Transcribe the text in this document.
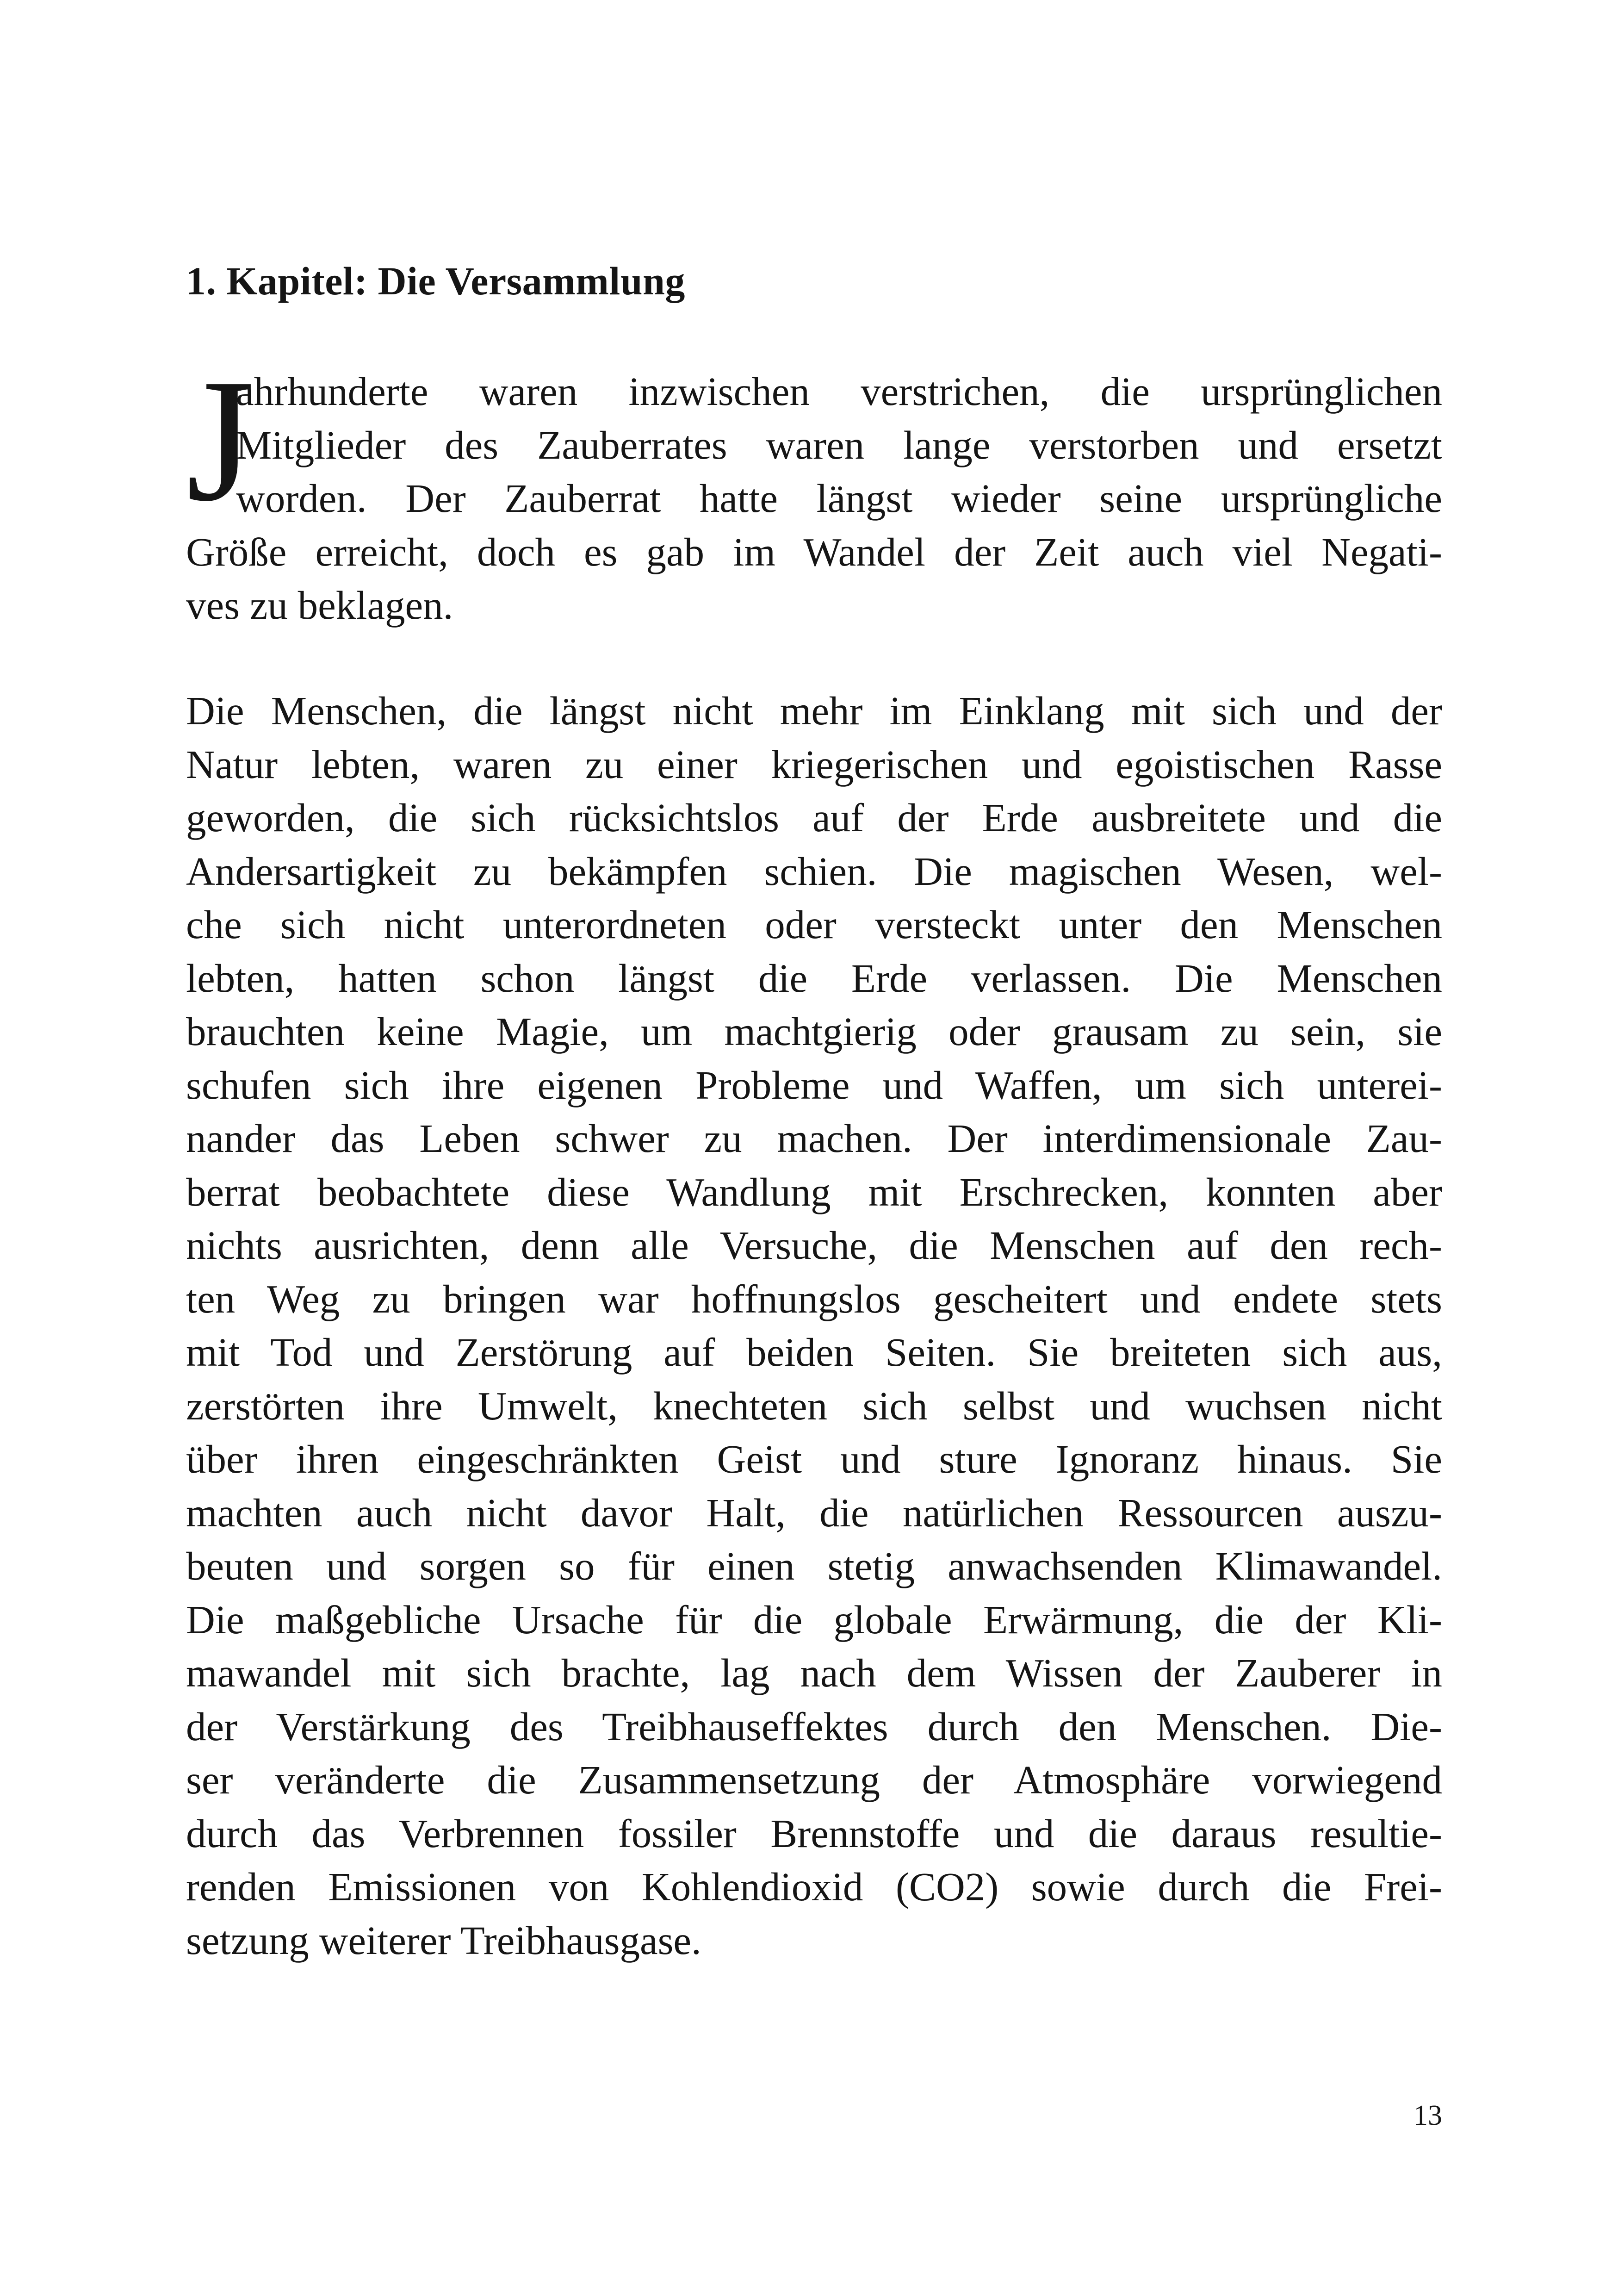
1. Kapitel: Die Versammlung
J
ahrhunderte waren inzwischen verstrichen, die ursprünglichen
Mitglieder des Zauberrates waren lange verstorben und ersetzt
worden. Der Zauberrat hatte längst wieder seine ursprüngliche
Größe erreicht, doch es gab im Wandel der Zeit auch viel Negati-
ves zu beklagen.
Die Menschen, die längst nicht mehr im Einklang mit sich und der
Natur lebten, waren zu einer kriegerischen und egoistischen Rasse
geworden, die sich rücksichtslos auf der Erde ausbreitete und die
Andersartigkeit zu bekämpfen schien. Die magischen Wesen, wel-
che sich nicht unterordneten oder versteckt unter den Menschen
lebten, hatten schon längst die Erde verlassen. Die Menschen
brauchten keine Magie, um machtgierig oder grausam zu sein, sie
schufen sich ihre eigenen Probleme und Waffen, um sich unterei-
nander das Leben schwer zu machen. Der interdimensionale Zau-
berrat beobachtete diese Wandlung mit Erschrecken, konnten aber
nichts ausrichten, denn alle Versuche, die Menschen auf den rech-
ten Weg zu bringen war hoffnungslos gescheitert und endete stets
mit Tod und Zerstörung auf beiden Seiten. Sie breiteten sich aus,
zerstörten ihre Umwelt, knechteten sich selbst und wuchsen nicht
über ihren eingeschränkten Geist und sture Ignoranz hinaus. Sie
machten auch nicht davor Halt, die natürlichen Ressourcen auszu-
beuten und sorgen so für einen stetig anwachsenden Klimawandel.
Die maßgebliche Ursache für die globale Erwärmung, die der Kli-
mawandel mit sich brachte, lag nach dem Wissen der Zauberer in
der Verstärkung des Treibhauseffektes durch den Menschen. Die-
ser veränderte die Zusammensetzung der Atmosphäre vorwiegend
durch das Verbrennen fossiler Brennstoffe und die daraus resultie-
renden Emissionen von Kohlendioxid (CO2) sowie durch die Frei-
setzung weiterer Treibhausgase.
13
